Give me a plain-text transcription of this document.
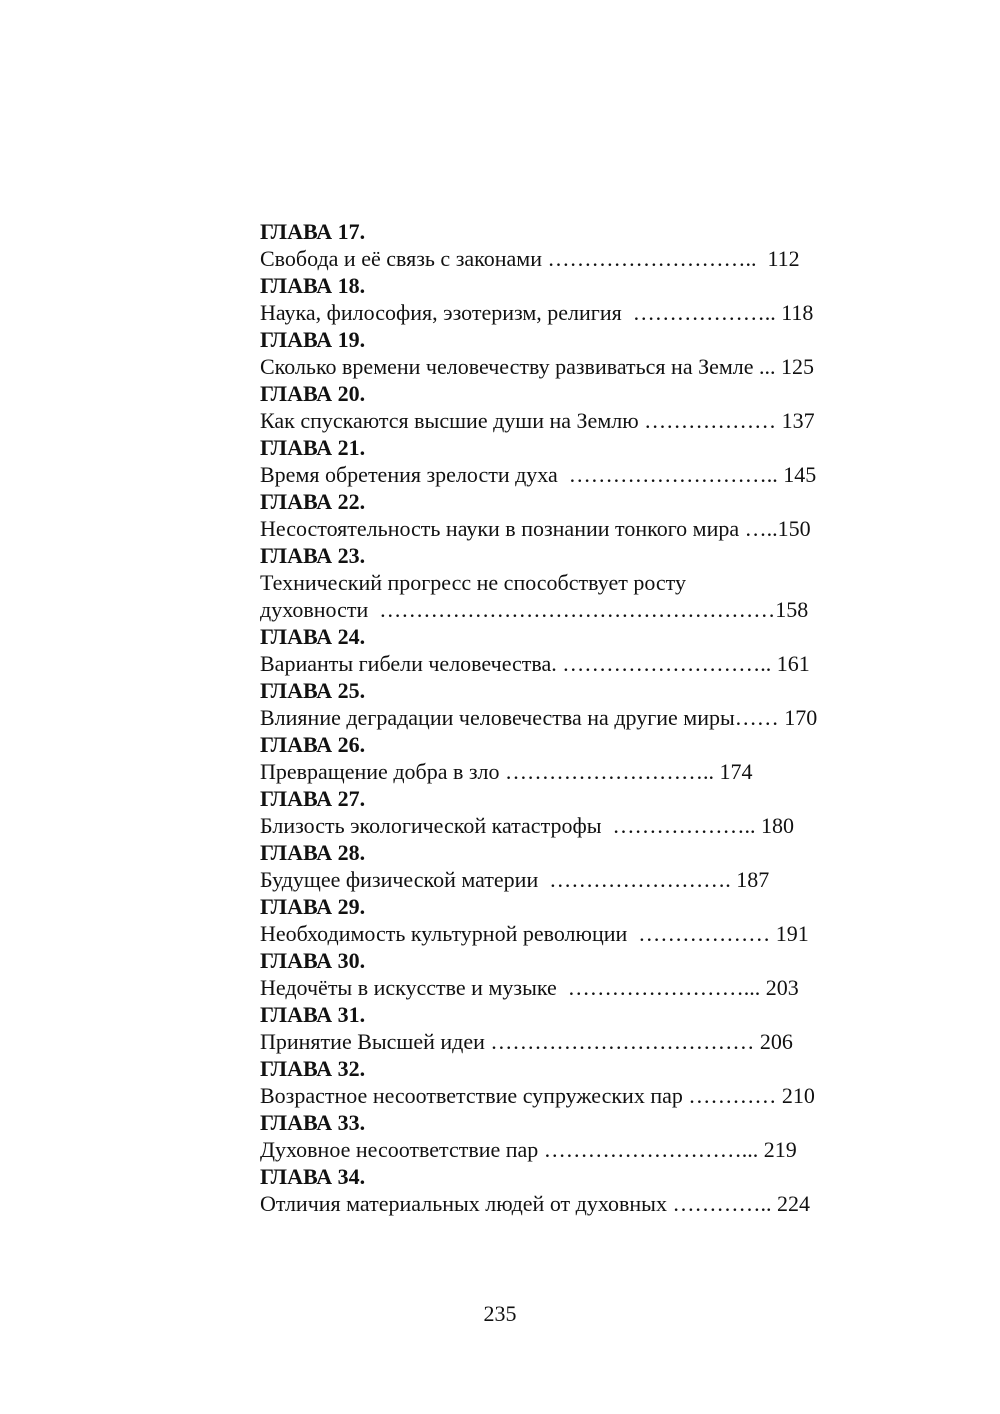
ГЛАВА 17.
Свобода и её связь с законами ………………………..  112
ГЛАВА 18.
Наука, философия, эзотеризм, религия  ……………….. 118
ГЛАВА 19.
Сколько времени человечеству развиваться на Земле ... 125
ГЛАВА 20.
Как спускаются высшие души на Землю ……………… 137
ГЛАВА 21.
Время обретения зрелости духа  ……………………….. 145
ГЛАВА 22.
Несостоятельность науки в познании тонкого мира …..150
ГЛАВА 23.
Технический прогресс не способствует росту
духовности  ………………………………………………158
ГЛАВА 24.
Варианты гибели человечества. ……………………….. 161
ГЛАВА 25.
Влияние деградации человечества на другие миры…… 170
ГЛАВА 26.
Превращение добра в зло ……………………….. 174
ГЛАВА 27.
Близость экологической катастрофы  ……………….. 180
ГЛАВА 28.
Будущее физической материи  ……………………. 187
ГЛАВА 29.
Необходимость культурной революции  ……………… 191
ГЛАВА 30.
Недочёты в искусстве и музыке  ……………………... 203
ГЛАВА 31.
Принятие Высшей идеи ……………………………… 206
ГЛАВА 32.
Возрастное несоответствие супружеских пар ………… 210
ГЛАВА 33.
Духовное несоответствие пар ………………………... 219
ГЛАВА 34.
Отличия материальных людей от духовных ………….. 224
235
